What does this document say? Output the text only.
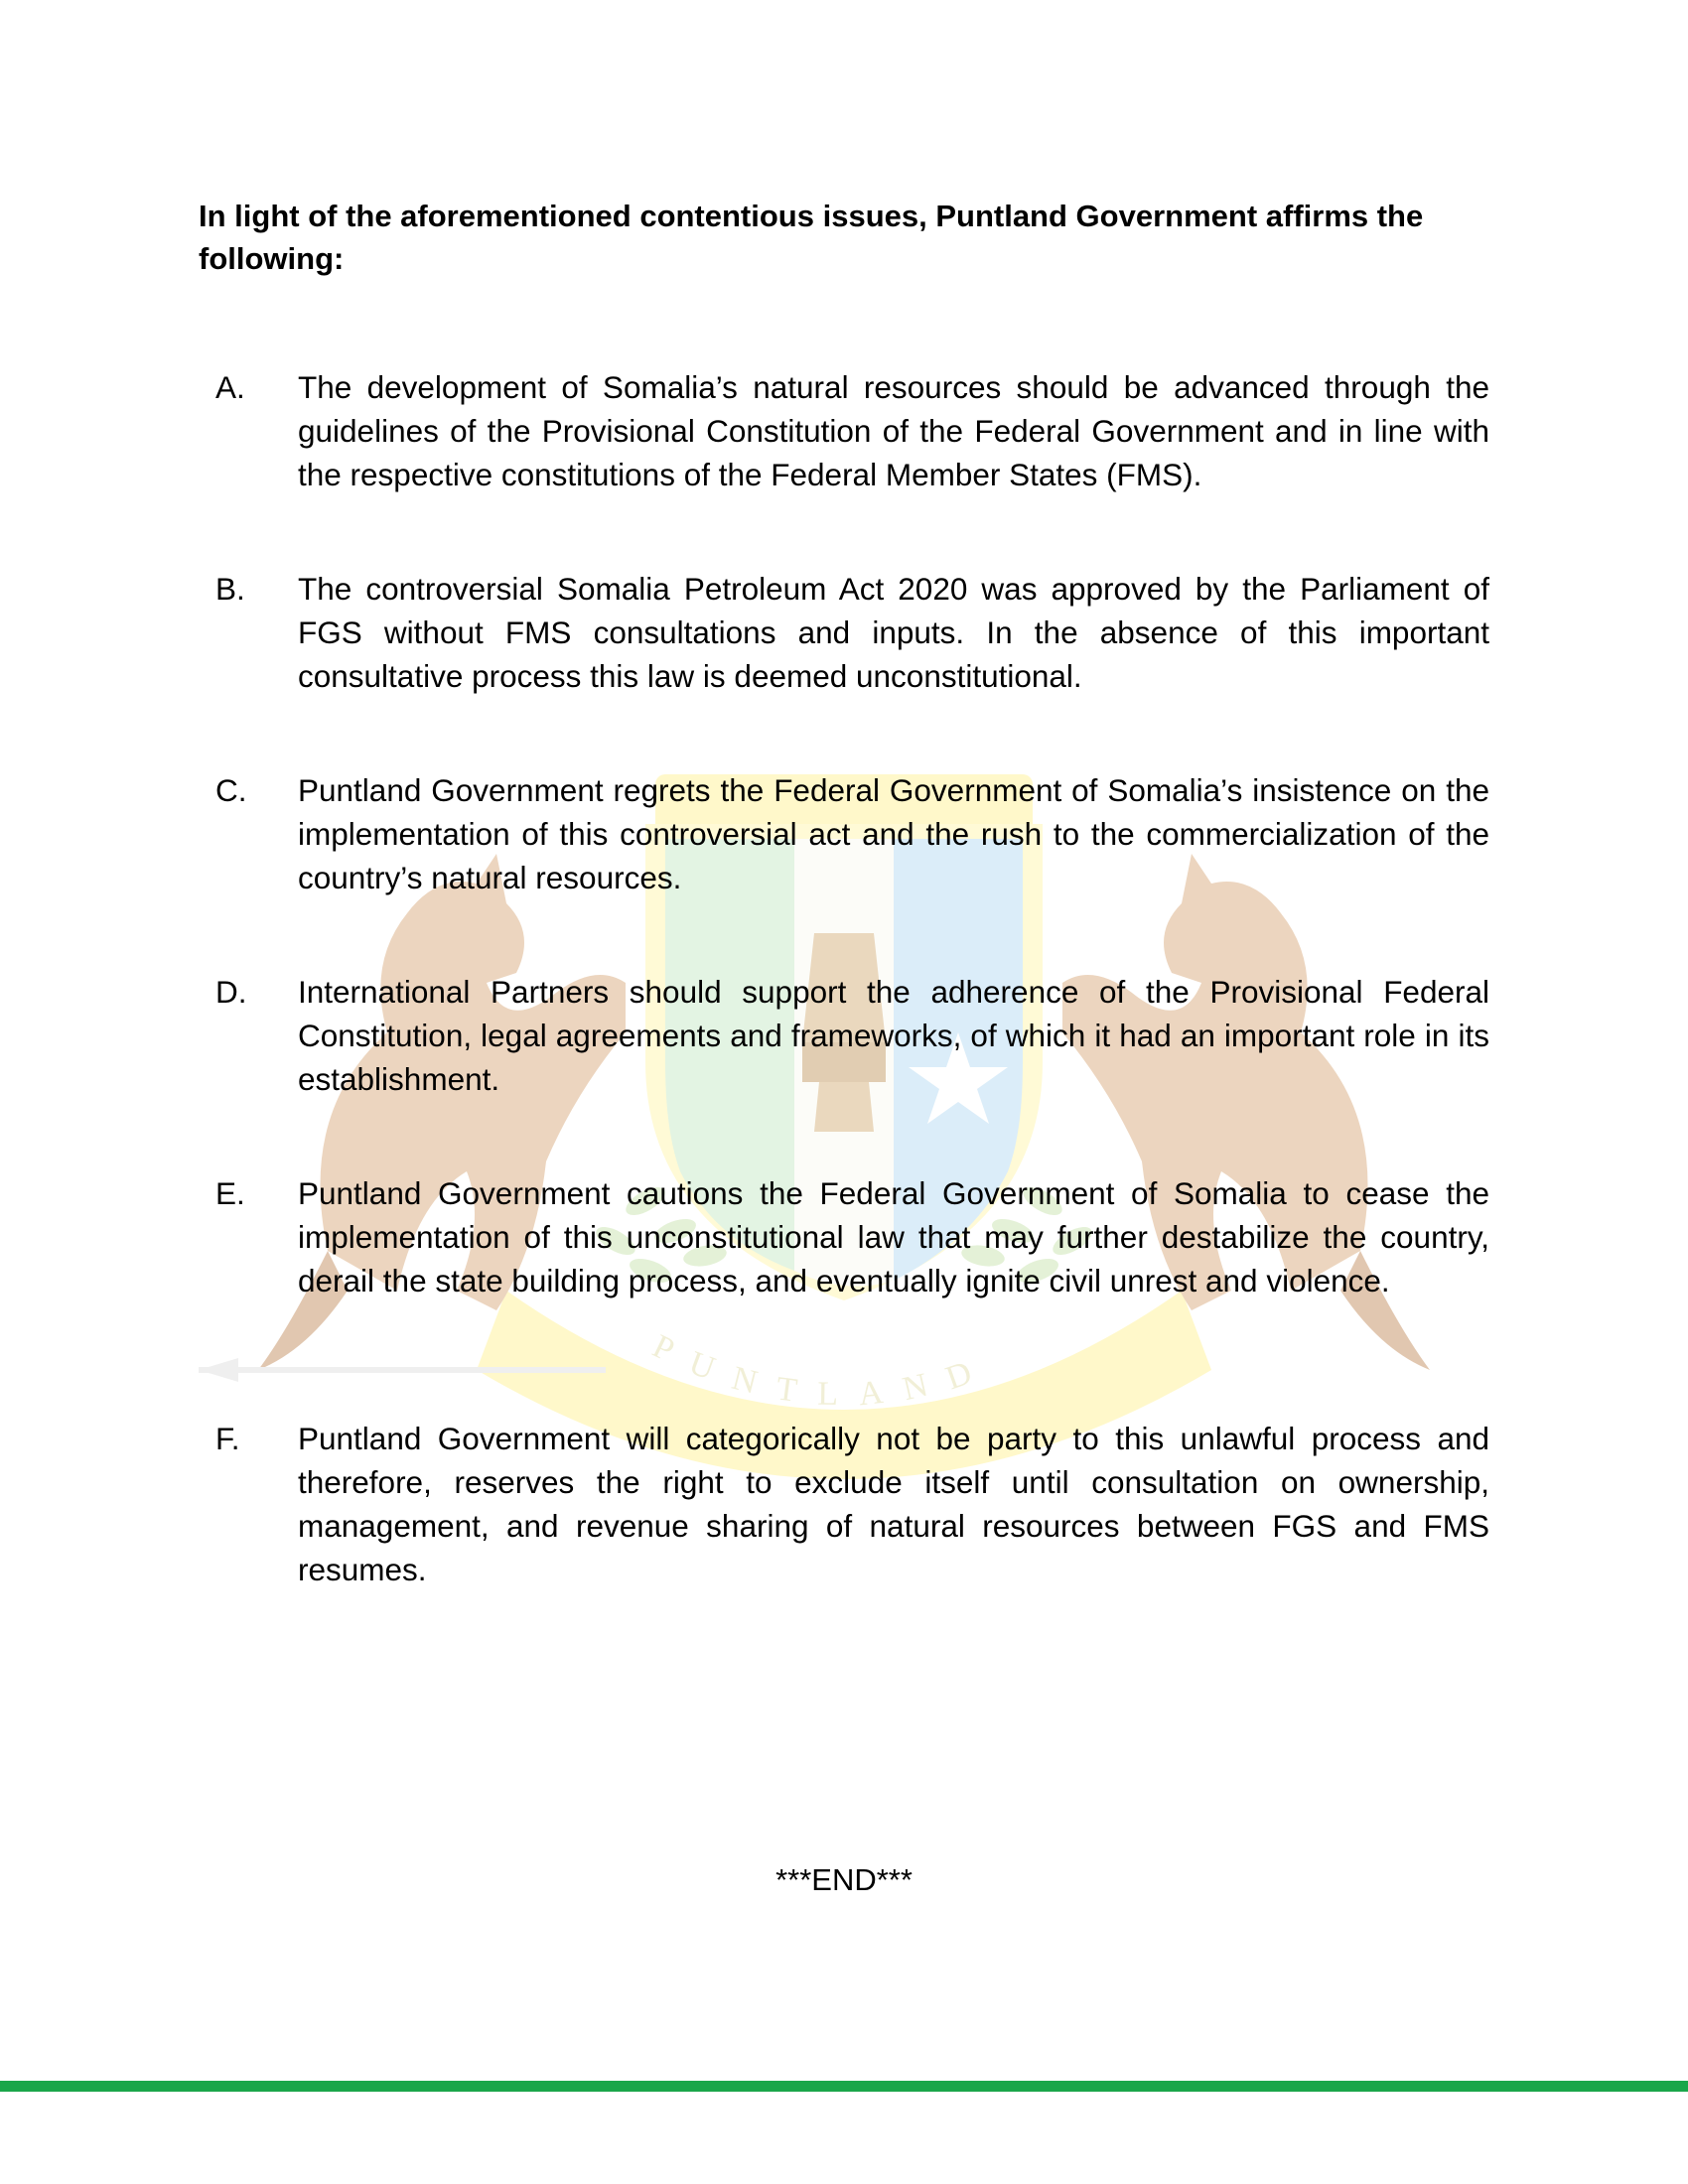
PUNTLAND

In light of the aforementioned contentious issues, Puntland Government affirms the following:

A. The development of Somalia’s natural resources should be advanced through the guidelines of the Provisional Constitution of the Federal Government and in line with the respective constitutions of the Federal Member States (FMS).
B. The controversial Somalia Petroleum Act 2020 was approved by the Parliament of FGS without FMS consultations and inputs. In the absence of this important consultative process this law is deemed unconstitutional.
C. Puntland Government regrets the Federal Government of Somalia’s insistence on the implementation of this controversial act and the rush to the commercialization of the country’s natural resources.
D. International Partners should support the adherence of the Provisional Federal Constitution, legal agreements and frameworks, of which it had an important role in its establishment.
E. Puntland Government cautions the Federal Government of Somalia to cease the implementation of this unconstitutional law that may further destabilize the country, derail the state building process, and eventually ignite civil unrest and violence.
F. Puntland Government will categorically not be party to this unlawful process and therefore, reserves the right to exclude itself until consultation on ownership, management, and revenue sharing of natural resources between FGS and FMS resumes.
***END***
